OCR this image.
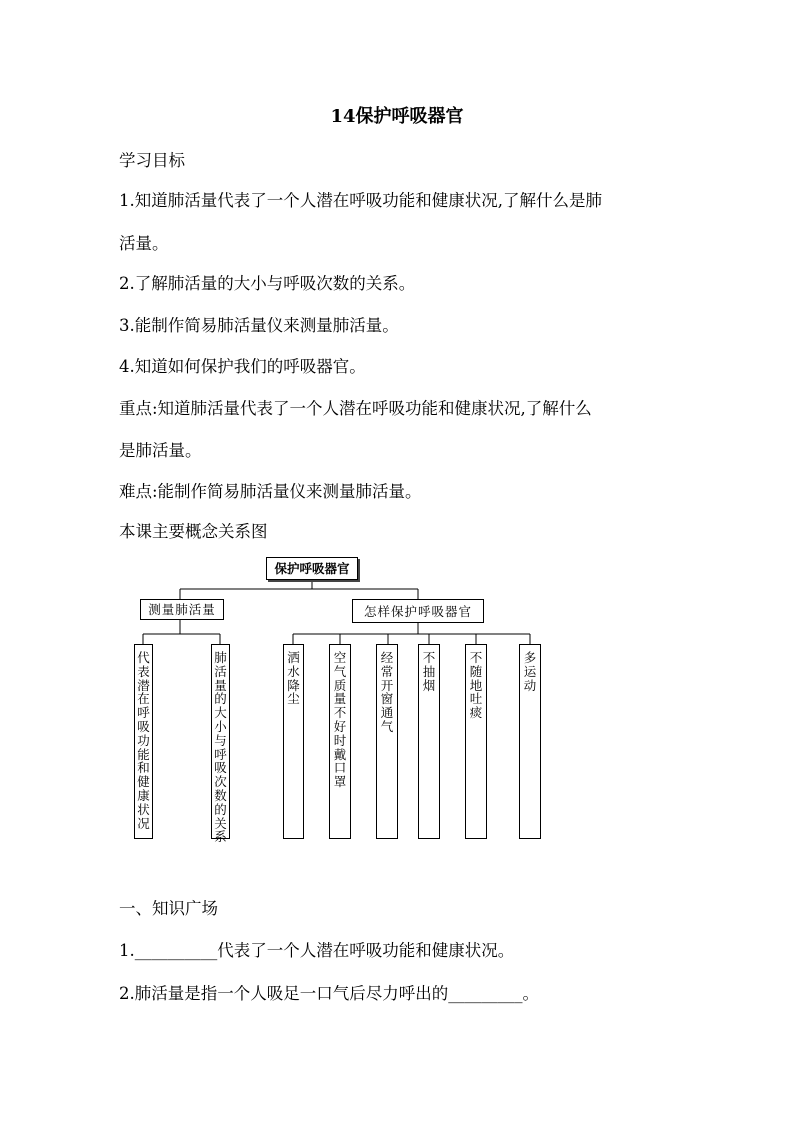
14保护呼吸器官
学习目标
1.知道肺活量代表了一个人潜在呼吸功能和健康状况,了解什么是肺
活量。
2.了解肺活量的大小与呼吸次数的关系。
3.能制作简易肺活量仪来测量肺活量。
4.知道如何保护我们的呼吸器官。
重点:知道肺活量代表了一个人潜在呼吸功能和健康状况,了解什么
是肺活量。
难点:能制作简易肺活量仪来测量肺活量。
本课主要概念关系图
保护呼吸器官
测量肺活量	怎样保护呼吸器官
代表潜在呼吸功能和健康状况
肺活量的大小与呼吸次数的关系
洒水降尘
空气质量不好时戴口罩
经常开窗通气
不抽烟
不随地吐痰
多运动
一、知识广场
1.__________代表了一个人潜在呼吸功能和健康状况。
2.肺活量是指一个人吸足一口气后尽力呼出的_________。
